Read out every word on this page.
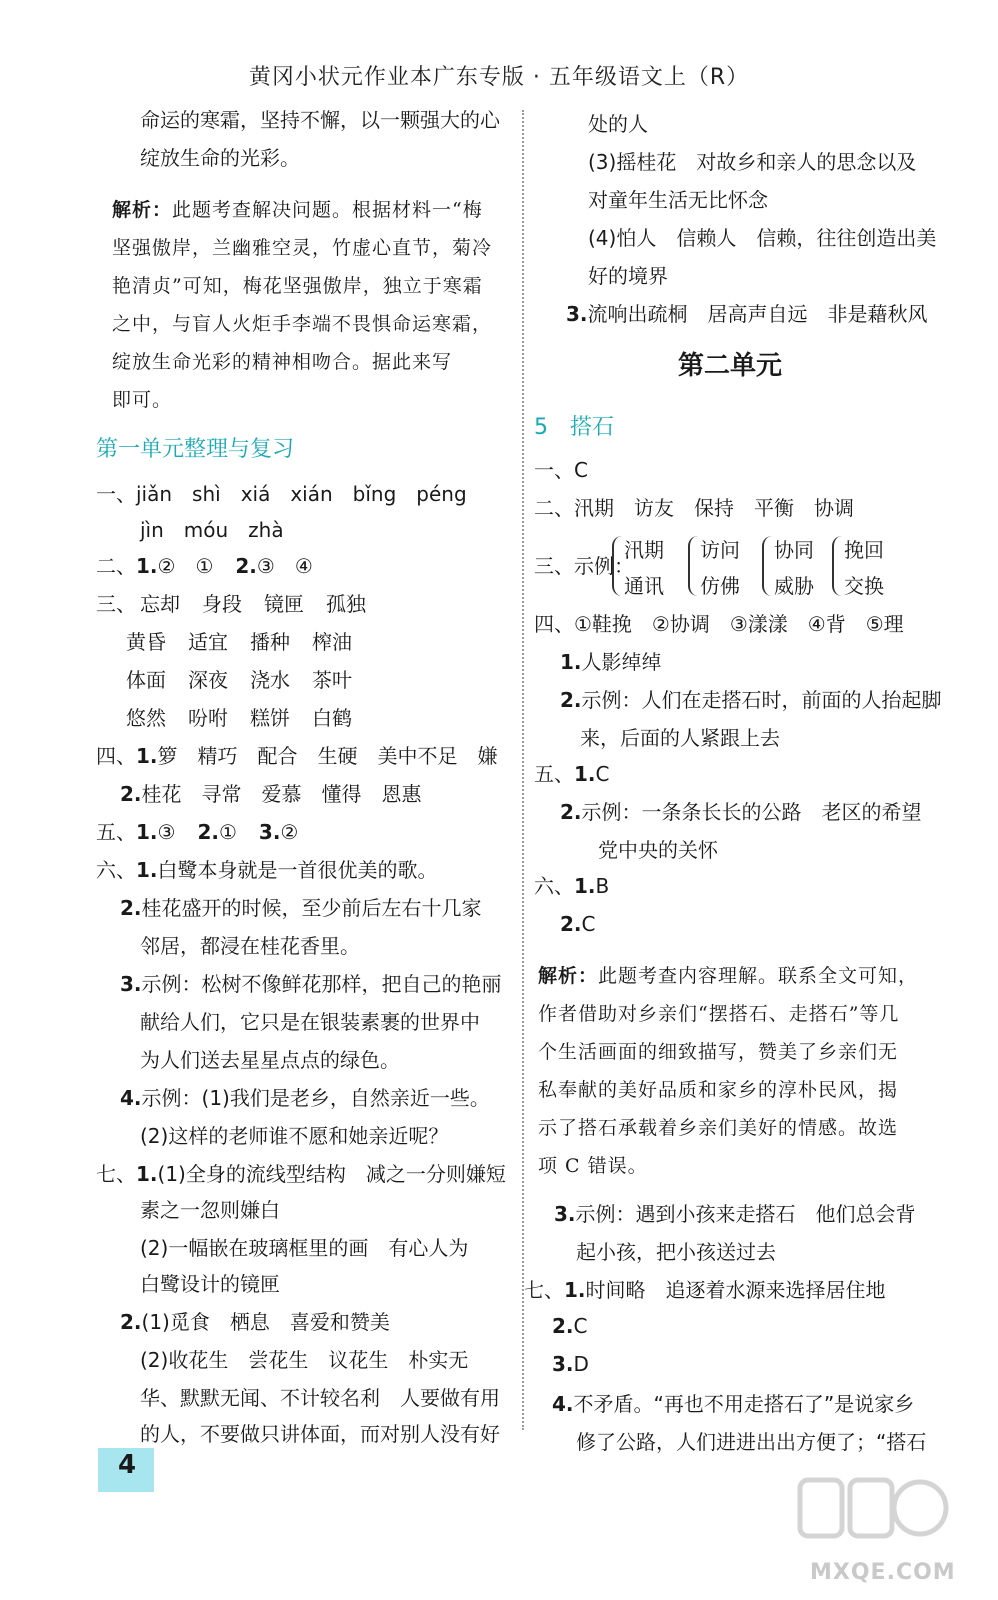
黄冈小状元作业本广东专版 · 五年级语文上（R）
命运的寒霜，坚持不懈，以一颗强大的心
绽放生命的光彩。
解析：此题考查解决问题。根据材料一“梅
坚强傲岸，兰幽雅空灵，竹虚心直节，菊冷
艳清贞”可知，梅花坚强傲岸，独立于寒霜
之中，与盲人火炬手李端不畏惧命运寒霜，
绽放生命光彩的精神相吻合。据此来写
即可。
第一单元整理与复习
一、jiǎn　shì　xiá　xián　bǐng　péng
jìn　móu　zhà
二、1.②　① 2.③　④
三、 忘却 身段 镜匣 孤独
黄昏 适宜 播种 榨油
体面 深夜 浇水 茶叶
悠然 吩咐 糕饼 白鹤
四、1.箩　精巧　配合　生硬　美中不足　嫌
2.桂花　寻常　爱慕　懂得　恩惠
五、1.③ 2.① 3.②
六、1.白鹭本身就是一首很优美的歌。
2.桂花盛开的时候，至少前后左右十几家
邻居，都浸在桂花香里。
3.示例：松树不像鲜花那样，把自己的艳丽
献给人们，它只是在银装素裹的世界中
为人们送去星星点点的绿色。
4.示例：(1)我们是老乡，自然亲近一些。
(2)这样的老师谁不愿和她亲近呢？
七、1.(1)全身的流线型结构　减之一分则嫌短
素之一忽则嫌白
(2)一幅嵌在玻璃框里的画　有心人为
白鹭设计的镜匣
2.(1)觅食　栖息　喜爱和赞美
(2)收花生　尝花生　议花生　朴实无
华、默默无闻、不计较名利　人要做有用
的人，不要做只讲体面，而对别人没有好
处的人
(3)摇桂花　对故乡和亲人的思念以及
对童年生活无比怀念
(4)怕人　信赖人　信赖，往往创造出美
好的境界
3.流响出疏桐　居高声自远　非是藉秋风
第二单元
5　搭石
一、C
二、汛期　访友　保持　平衡　协调
三、示例：
汛期
通讯
访问
仿佛
协同
威胁
挽回
交换
四、①鞋挽　②协调　③漾漾　④背　⑤理
1.人影绰绰
2.示例：人们在走搭石时，前面的人抬起脚
来，后面的人紧跟上去
五、1.C
2.示例：一条条长长的公路　老区的希望
党中央的关怀
六、1.B
2.C
解析：此题考查内容理解。联系全文可知，
作者借助对乡亲们“摆搭石、走搭石”等几
个生活画面的细致描写，赞美了乡亲们无
私奉献的美好品质和家乡的淳朴民风，揭
示了搭石承载着乡亲们美好的情感。故选
项 C 错误。
3.示例：遇到小孩来走搭石　他们总会背
起小孩，把小孩送过去
七、1.时间略　追逐着水源来选择居住地
2.C
3.D
4.不矛盾。“再也不用走搭石了”是说家乡
修了公路，人们进进出出方便了；“搭石
4
MXQE.COM
